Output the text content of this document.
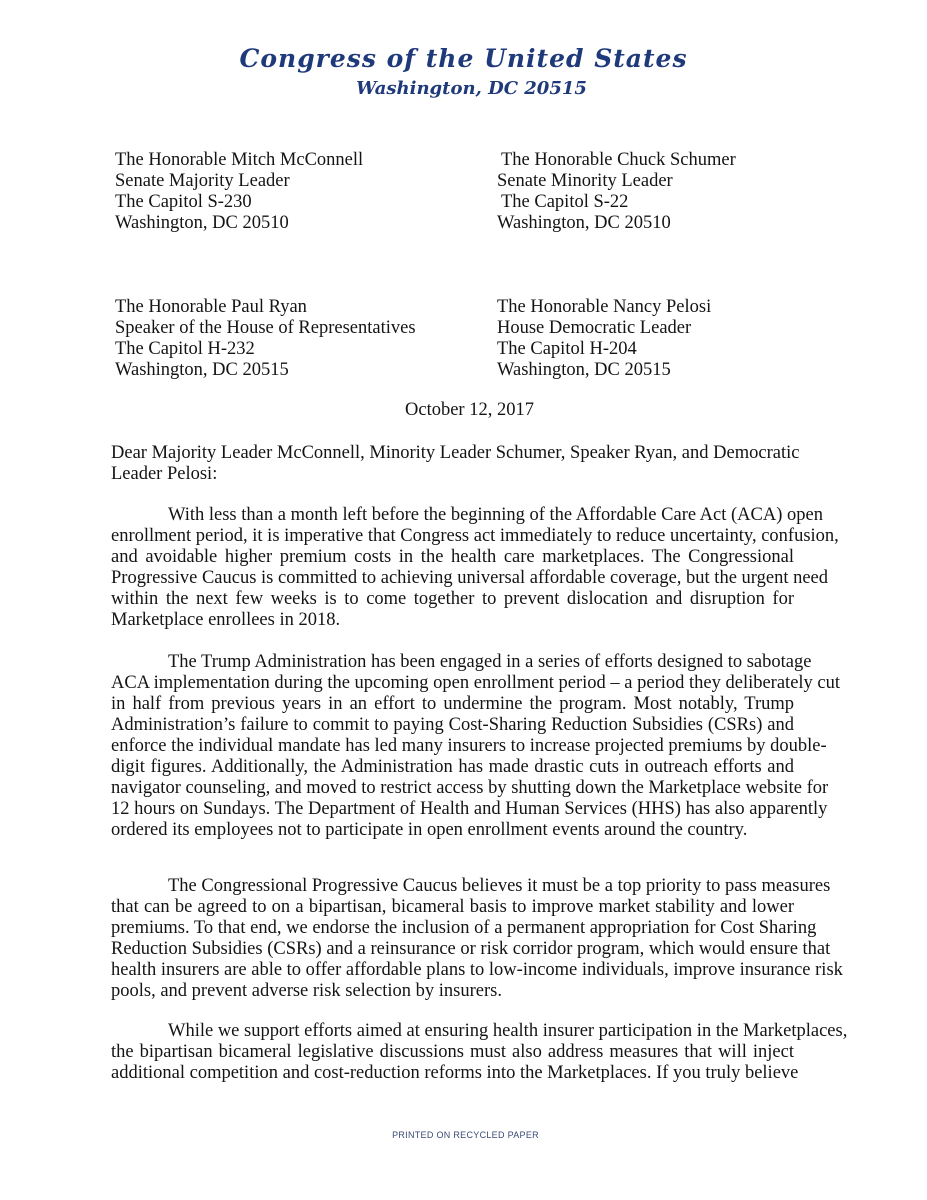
Congress of the United States
Washington, DC 20515
The Honorable Mitch McConnell
Senate Majority Leader
The Capitol S-230
Washington, DC 20510
The Honorable Chuck Schumer
Senate Minority Leader
The Capitol S-22
Washington, DC 20510
The Honorable Paul Ryan
Speaker of the House of Representatives
The Capitol H-232
Washington, DC 20515
The Honorable Nancy Pelosi
House Democratic Leader
The Capitol H-204
Washington, DC 20515
October 12, 2017
Dear Majority Leader McConnell, Minority Leader Schumer, Speaker Ryan, and Democratic
Leader Pelosi:
With less than a month left before the beginning of the Affordable Care Act (ACA) open
enrollment period, it is imperative that Congress act immediately to reduce uncertainty, confusion,
and avoidable higher premium costs in the health care marketplaces. The Congressional
Progressive Caucus is committed to achieving universal affordable coverage, but the urgent need
within the next few weeks is to come together to prevent dislocation and disruption for
Marketplace enrollees in 2018.
The Trump Administration has been engaged in a series of efforts designed to sabotage
ACA implementation during the upcoming open enrollment period – a period they deliberately cut
in half from previous years in an effort to undermine the program. Most notably, Trump
Administration’s failure to commit to paying Cost-Sharing Reduction Subsidies (CSRs) and
enforce the individual mandate has led many insurers to increase projected premiums by double-
digit figures. Additionally, the Administration has made drastic cuts in outreach efforts and
navigator counseling, and moved to restrict access by shutting down the Marketplace website for
12 hours on Sundays. The Department of Health and Human Services (HHS) has also apparently
ordered its employees not to participate in open enrollment events around the country.
The Congressional Progressive Caucus believes it must be a top priority to pass measures
that can be agreed to on a bipartisan, bicameral basis to improve market stability and lower
premiums. To that end, we endorse the inclusion of a permanent appropriation for Cost Sharing
Reduction Subsidies (CSRs) and a reinsurance or risk corridor program, which would ensure that
health insurers are able to offer affordable plans to low-income individuals, improve insurance risk
pools, and prevent adverse risk selection by insurers.
While we support efforts aimed at ensuring health insurer participation in the Marketplaces,
the bipartisan bicameral legislative discussions must also address measures that will inject
additional competition and cost-reduction reforms into the Marketplaces. If you truly believe
PRINTED ON RECYCLED PAPER
